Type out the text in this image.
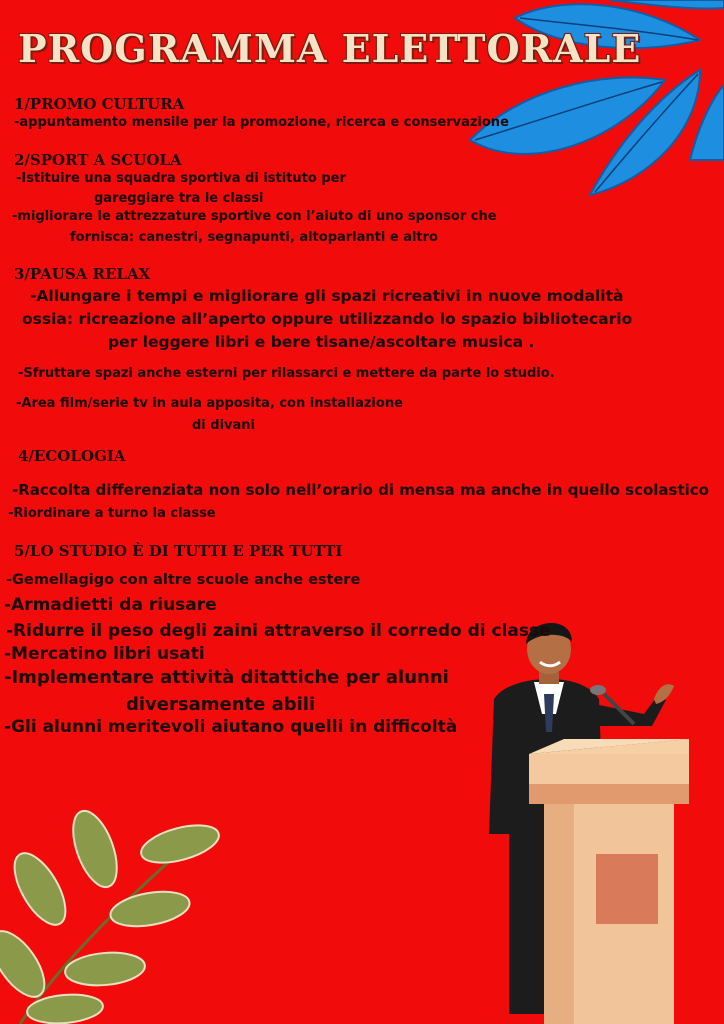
PROGRAMMA ELETTORALE
1/PROMO CULTURA
-appuntamento mensile per la promozione, ricerca e conservazione
2/SPORT A SCUOLA
-Istituire una squadra sportiva di istituto per
gareggiare tra le classi
-migliorare le attrezzature sportive con l’aiuto di uno sponsor che
fornisca: canestri, segnapunti, altoparlanti e altro
3/PAUSA RELAX
-Allungare i tempi e migliorare gli spazi ricreativi in nuove modalità
ossia: ricreazione all’aperto oppure utilizzando lo spazio bibliotecario
per leggere libri e bere tisane/ascoltare musica .
-Sfruttare spazi anche esterni per rilassarci e mettere da parte lo studio.
-Area film/serie tv in aula apposita, con installazione
di divani
4/ECOLOGIA
-Raccolta differenziata non solo nell’orario di mensa ma anche in quello scolastico
-Riordinare a turno la classe
5/LO STUDIO È DI TUTTI E PER TUTTI
-Gemellagigo con altre scuole anche estere
-Armadietti da riusare
-Ridurre il peso degli zaini attraverso il corredo di classe
-Mercatino libri usati
-Implementare attività ditattiche per alunni
diversamente abili
-Gli alunni meritevoli aiutano quelli in difficoltà
